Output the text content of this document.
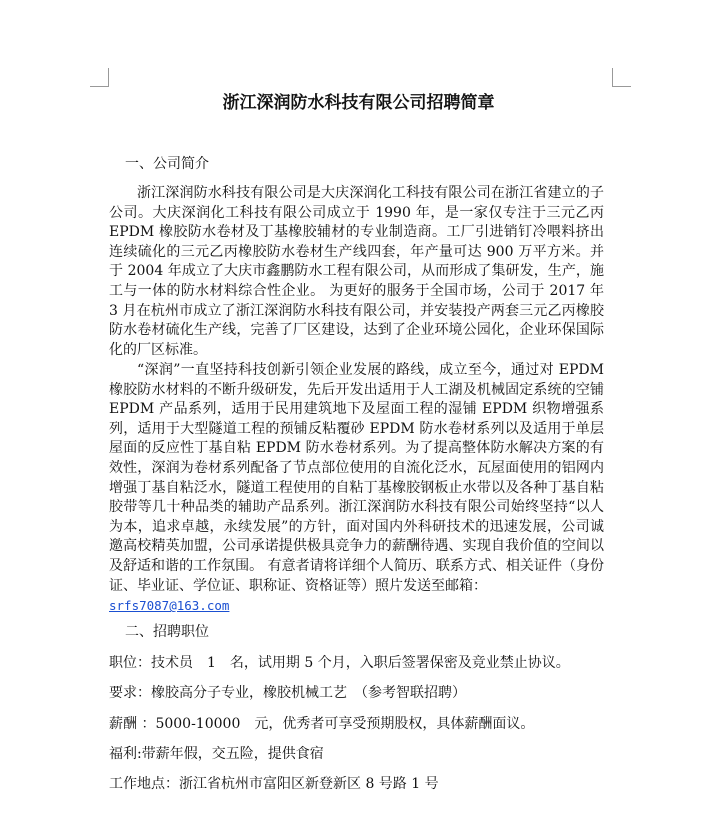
浙江深润防水科技有限公司招聘简章
一、公司简介

浙江深润防水科技有限公司是大庆深润化工科技有限公司在浙江省建立的子公司。大庆深润化工科技有限公司成立于 1990 年，是一家仅专注于三元乙丙 EPDM 橡胶防水卷材及丁基橡胶辅材的专业制造商。工厂引进销钉冷喂料挤出连续硫化的三元乙丙橡胶防水卷材生产线四套，年产量可达 900 万平方米。并于 2004 年成立了大庆市鑫鹏防水工程有限公司，从而形成了集研发，生产，施工与一体的防水材料综合性企业。 为更好的服务于全国市场，公司于 2017 年 3 月在杭州市成立了浙江深润防水科技有限公司，并安装投产两套三元乙丙橡胶防水卷材硫化生产线，完善了厂区建设，达到了企业环境公园化，企业环保国际化的厂区标准。

“深润”一直坚持科技创新引领企业发展的路线，成立至今，通过对 EPDM 橡胶防水材料的不断升级研发，先后开发出适用于人工湖及机械固定系统的空铺 EPDM 产品系列，适用于民用建筑地下及屋面工程的湿铺 EPDM 织物增强系列，适用于大型隧道工程的预铺反粘覆砂 EPDM 防水卷材系列以及适用于单层屋面的反应性丁基自粘 EPDM 防水卷材系列。为了提高整体防水解决方案的有效性，深润为卷材系列配备了节点部位使用的自流化泛水，瓦屋面使用的铝网内增强丁基自粘泛水，隧道工程使用的自粘丁基橡胶钢板止水带以及各种丁基自粘胶带等几十种品类的辅助产品系列。浙江深润防水科技有限公司始终坚持“以人为本，追求卓越，永续发展”的方针，面对国内外科研技术的迅速发展，公司诚邀高校精英加盟，公司承诺提供极具竞争力的薪酬待遇、实现自我价值的空间以及舒适和谐的工作氛围。 有意者请将详细个人简历、联系方式、相关证件（身份证、毕业证、学位证、职称证、资格证等）照片发送至邮箱：
srfs7087@163.com

二、招聘职位
职位：技术员　1　名，试用期 5 个月，入职后签署保密及竞业禁止协议。
要求：橡胶高分子专业，橡胶机械工艺　（参考智联招聘）
薪酬 ：5000-10000　元，优秀者可享受预期股权，具体薪酬面议。
福利:带薪年假，交五险，提供食宿
工作地点：浙江省杭州市富阳区新登新区 8 号路 1 号
